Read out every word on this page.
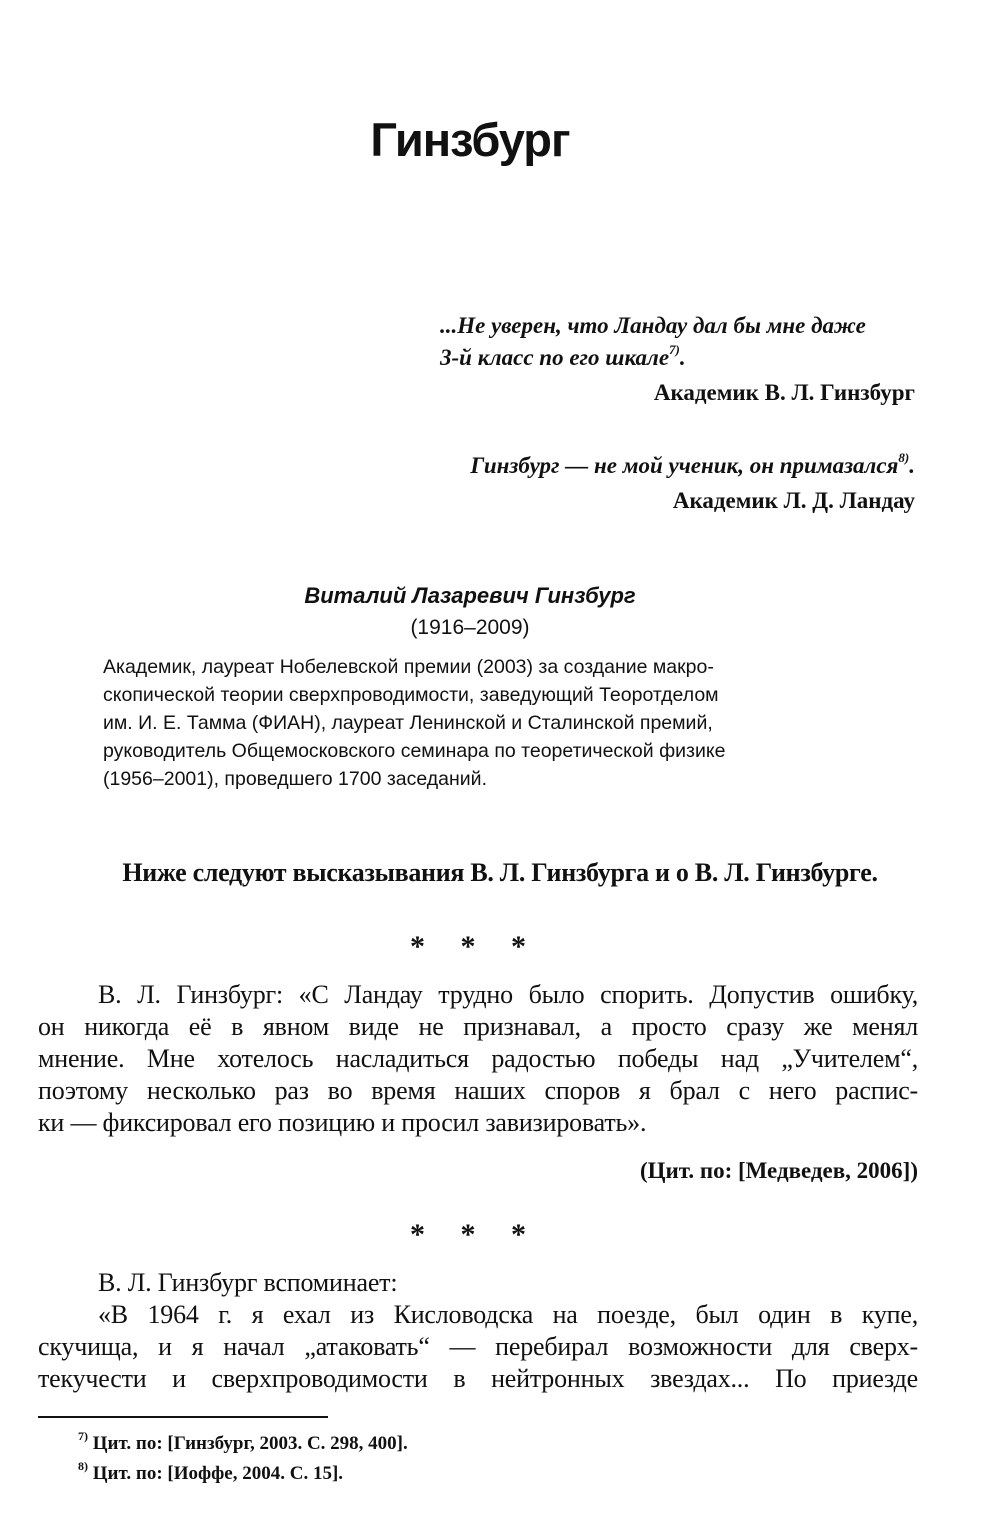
Гинзбург
...Не уверен, что Ландау дал бы мне даже
3-й класс по его шкале$^{7)}$.
Академик В. Л. Гинзбург
Гинзбург — не мой ученик, он примазался$^{8)}$.
Академик Л. Д. Ландау
Виталий Лазаревич Гинзбург
(1916–2009)
Академик, лауреат Нобелевской премии (2003) за создание макро-
скопической теории сверхпроводимости, заведующий Теоротделом
им. И. Е. Тамма (ФИАН), лауреат Ленинской и Сталинской премий,
руководитель Общемосковского семинара по теоретической физике
(1956–2001), проведшего 1700 заседаний.
Ниже следуют высказывания В. Л. Гинзбурга и о В. Л. Гинзбурге.
* * *
В. Л. Гинзбург: «С Ландау трудно было спорить. Допустив ошибку,
он никогда её в явном виде не признавал, а просто сразу же менял
мнение. Мне хотелось насладиться радостью победы над „Учителем“,
поэтому несколько раз во время наших споров я брал с него распис-
ки — фиксировал его позицию и просил завизировать».
(Цит. по: [Медведев, 2006])
* * *
В. Л. Гинзбург вспоминает:
«В 1964 г. я ехал из Кисловодска на поезде, был один в купе,
скучища, и я начал „атаковать“ — перебирал возможности для сверх-
текучести и сверхпроводимости в нейтронных звездах... По приезде
$^{7)}$ Цит. по: [Гинзбург, 2003. С. 298, 400].
$^{8)}$ Цит. по: [Иоффе, 2004. С. 15].
